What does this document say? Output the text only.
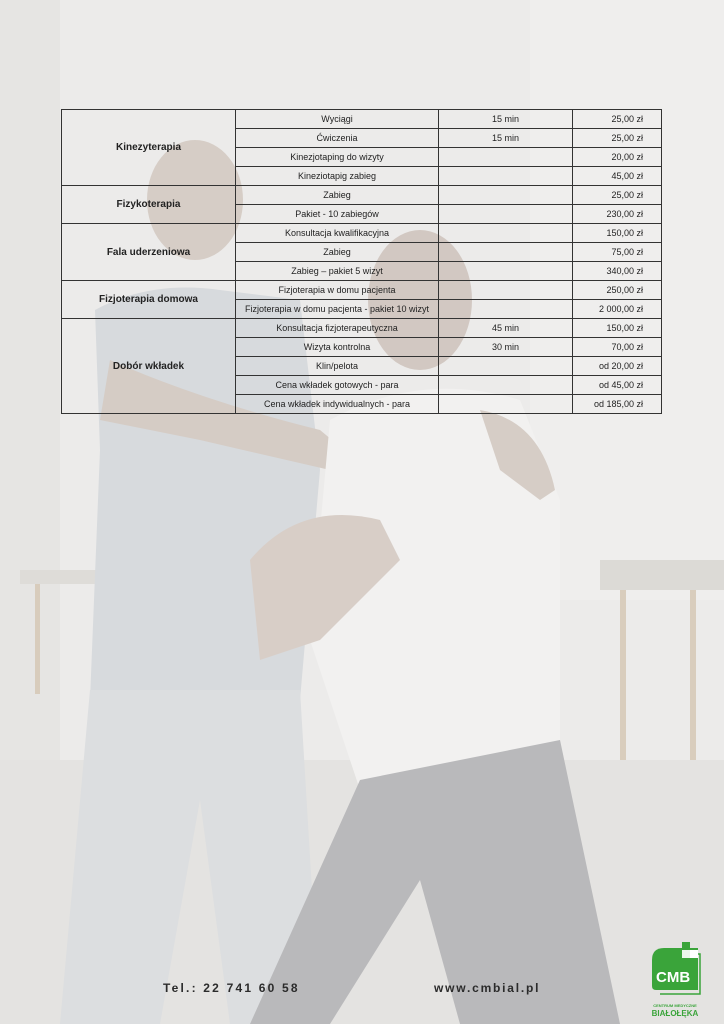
Kinezyterapia	Wyciągi	15 min	25,00 zł
	Ćwiczenia	15 min	25,00 zł
	Kinezjotaping do wizyty		20,00 zł
	Kineziotapig zabieg		45,00 zł
Fizykoterapia	Zabieg		25,00 zł
	Pakiet - 10 zabiegów		230,00 zł
Fala uderzeniowa	Konsultacja kwalifikacyjna		150,00 zł
	Zabieg		75,00 zł
	Zabieg – pakiet 5 wizyt		340,00 zł
Fizjoterapia domowa	Fizjoterapia w domu pacjenta		250,00 zł
	Fizjoterapia w domu pacjenta - pakiet 10 wizyt		2 000,00 zł
Dobór wkładek	Konsultacja fizjoterapeutyczna	45 min	150,00 zł
	Wizyta kontrolna	30 min	70,00 zł
	Klin/pelota		od 20,00 zł
	Cena wkładek gotowych - para		od 45,00 zł
	Cena wkładek indywidualnych - para		od 185,00 zł
Tel.: 22 741 60 58	www.cmbial.pl
CMB
CENTRUM MEDYCZNE
BIAŁOŁĘKA
